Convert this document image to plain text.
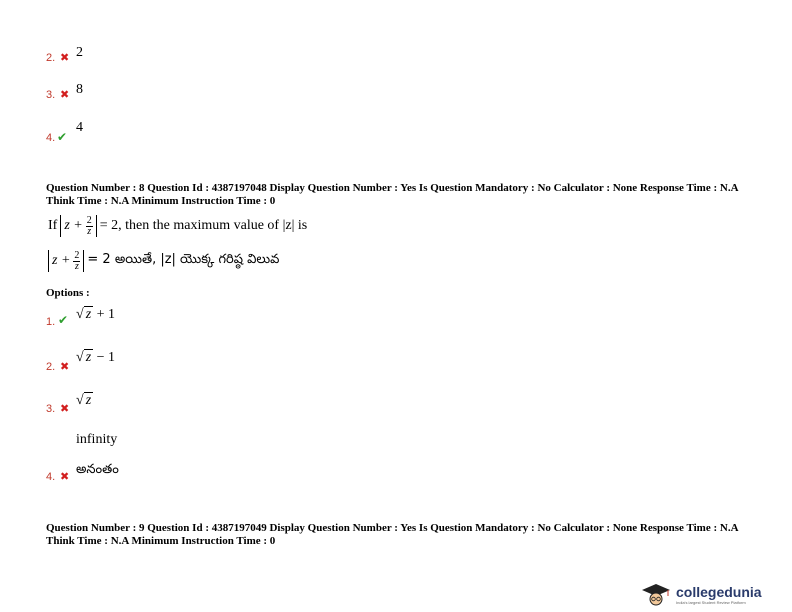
2. ✖ 2
3. ✖ 8
4. ✔
4
Question Number : 8 Question Id : 4387197048 Display Question Number : Yes Is Question Mandatory : No Calculator : None Response Time : N.A Think Time : N.A Minimum Instruction Time : 0
If $z + \frac{2}{z} = 2$, then the maximum value of |z| is
$z + \frac{2}{z} = 2$ అయితే, |z| యొక్క గరిష్ఠ విలువ
Options :
1. ✔ √ z + 1
2. ✖
√ z − 1
3. ✖
√ z
infinity
4. ✖ అనంతం
Question Number : 9 Question Id : 4387197049 Display Question Number : Yes Is Question Mandatory : No Calculator : None Response Time : N.A Think Time : N.A Minimum Instruction Time : 0
collegedunia
India's largest Student Review Platform
